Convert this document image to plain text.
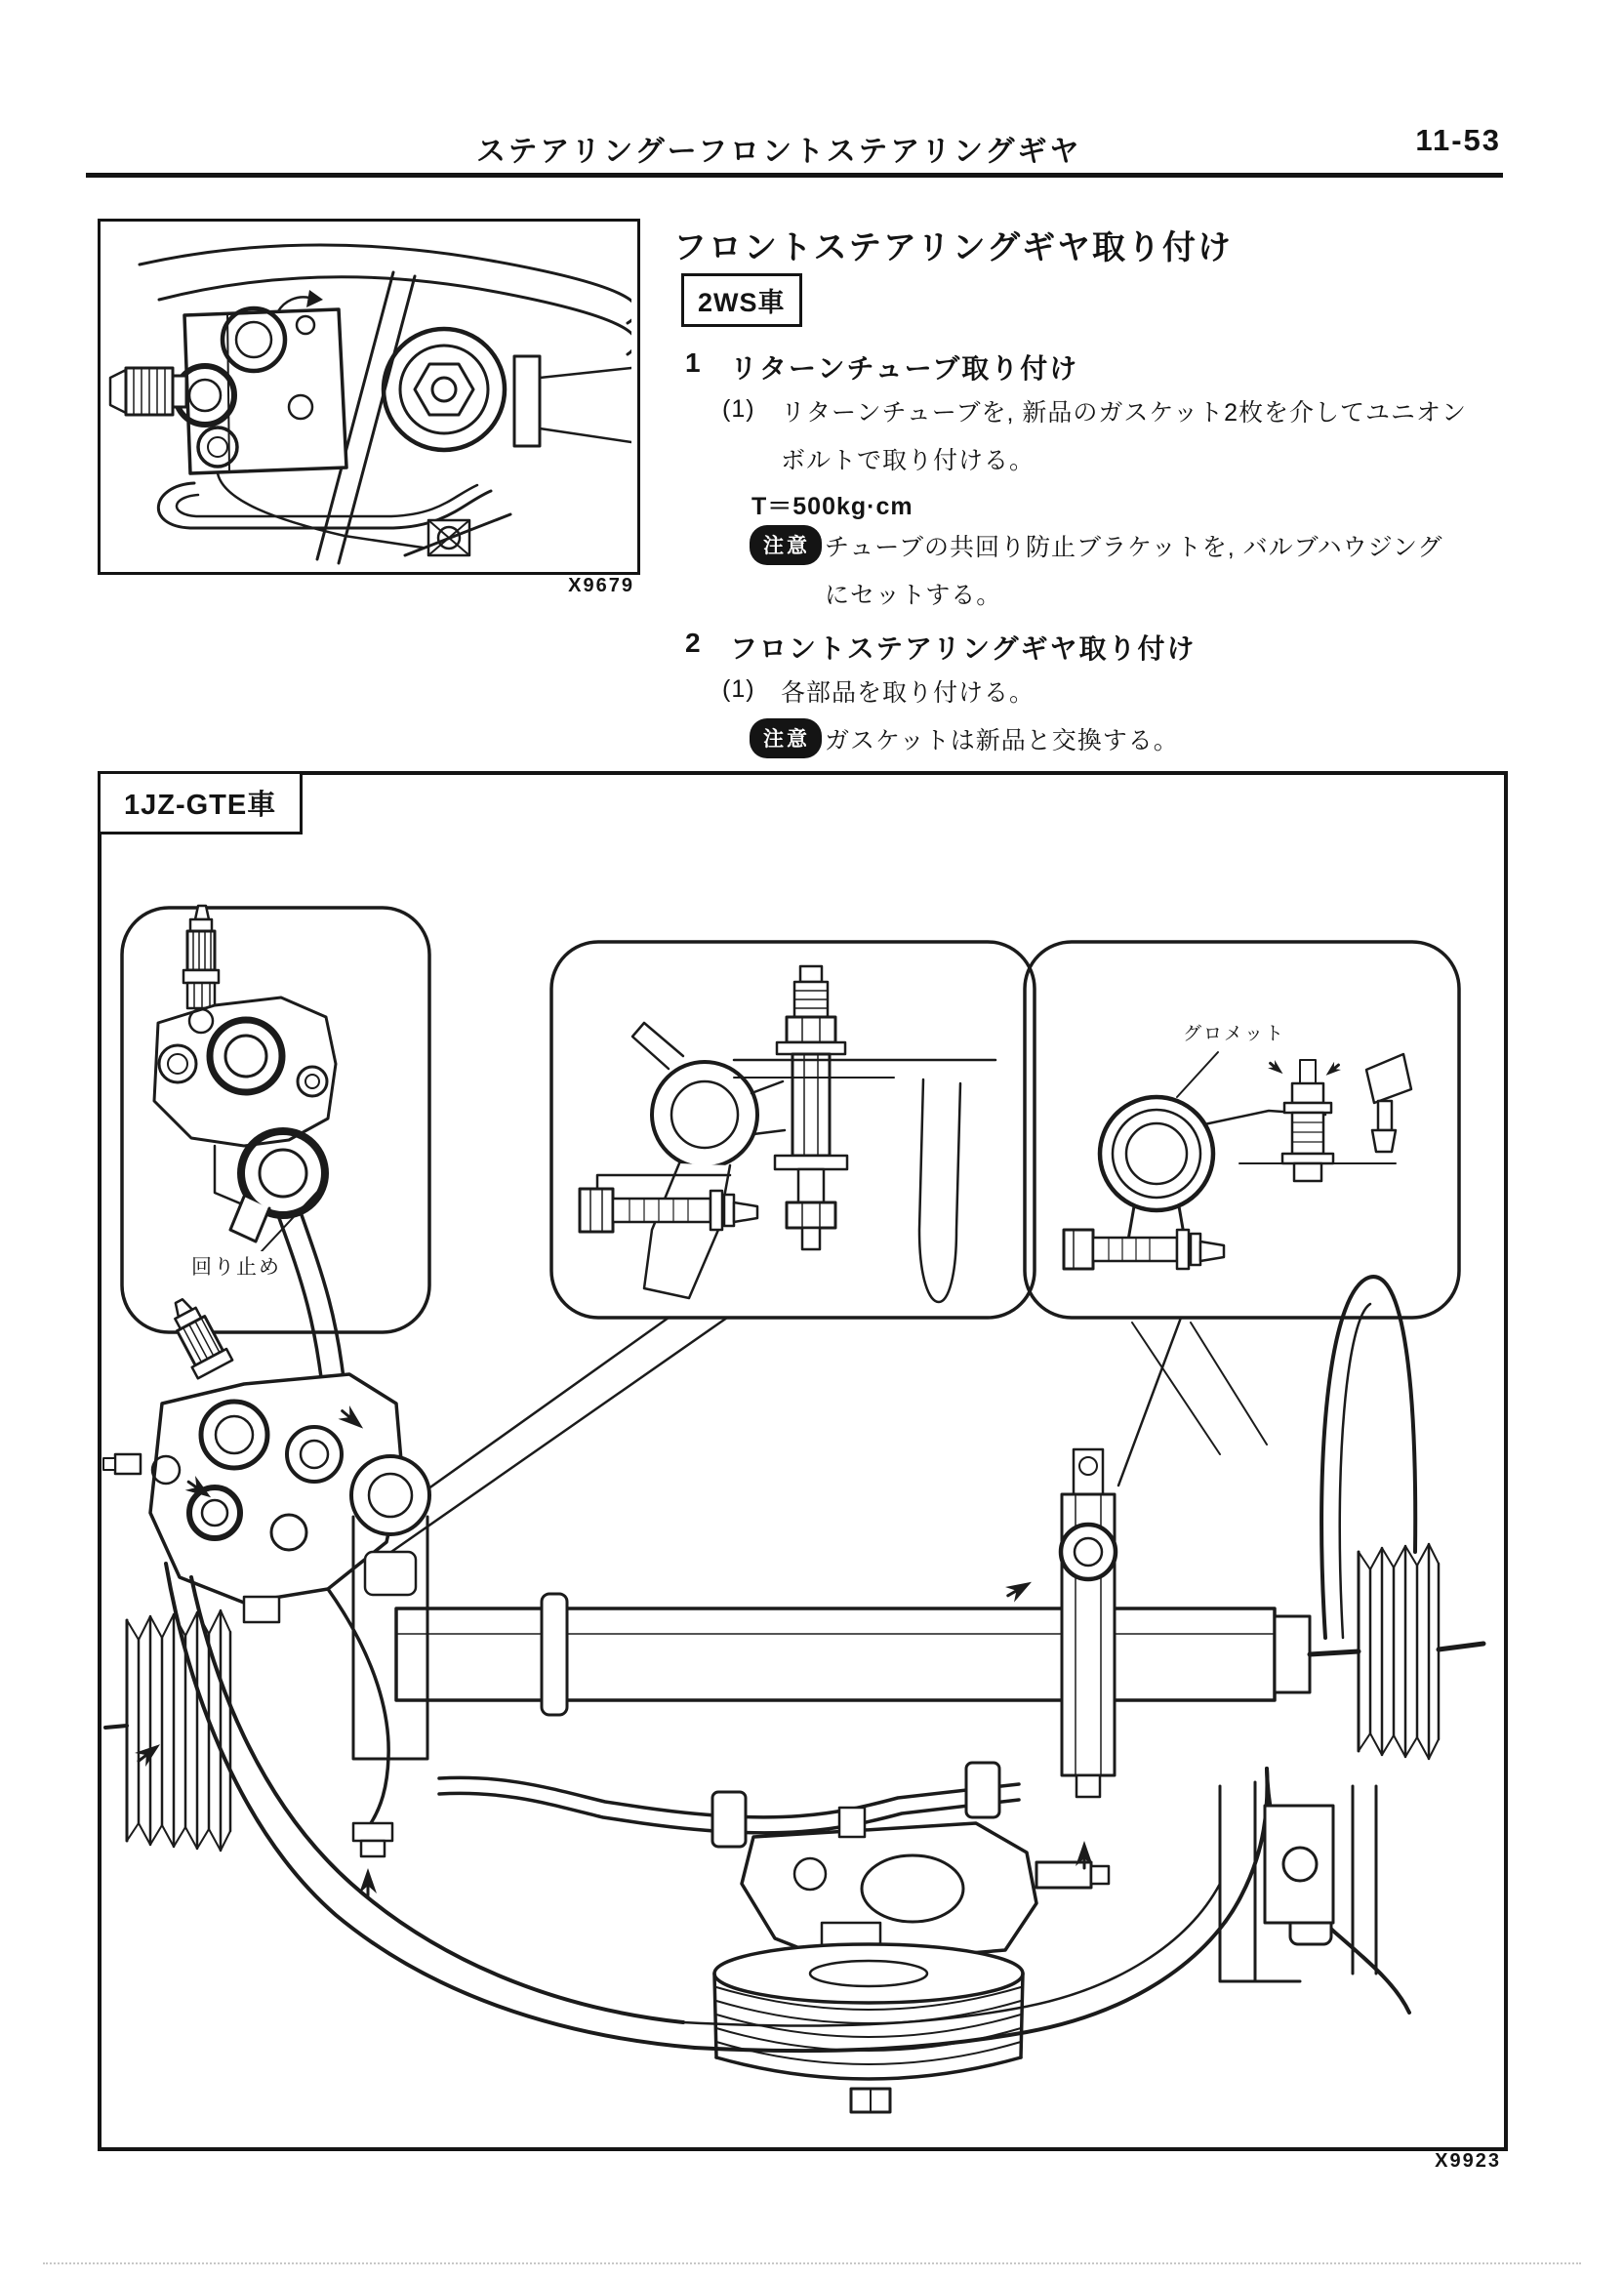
ステアリングーフロントステアリングギヤ	11-53
X9679
フロントステアリングギヤ取り付け
2WS車
1 リターンチューブ取り付け
(1) リターンチューブを, 新品のガスケット2枚を介してユニオン
ボルトで取り付ける。
T＝500kg·cm
注意 チューブの共回り防止ブラケットを, バルブハウジング
にセットする。
2 フロントステアリングギヤ取り付け
(1) 各部品を取り付ける。
注意 ガスケットは新品と交換する。
1JZ-GTE車
回り止め
グロメット
X9923
